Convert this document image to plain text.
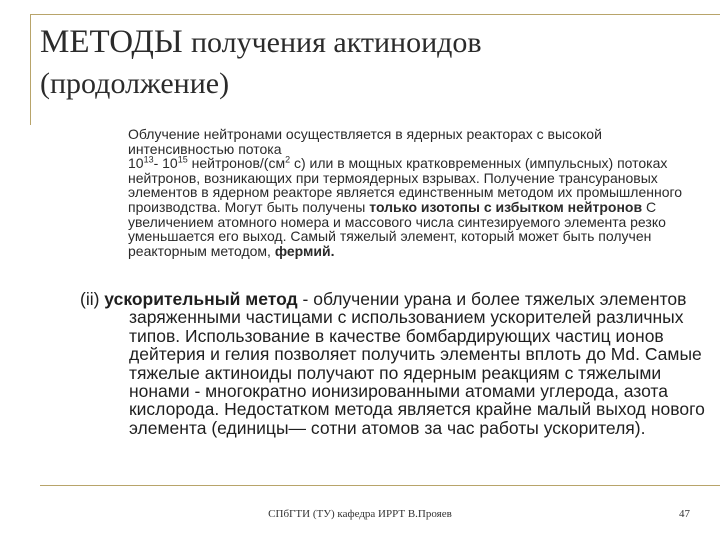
МЕТОДЫ получения актиноидов
(продолжение)
Облучение нейтронами осуществляется в ядерных реакторах с высокой интенсивностью потока
$10^{13}-$ $10^{15}$ нейтронов/($см^2$ с) или в мощных кратковременных (импульсных) потоках нейтронов, возникающих при термоядерных взрывах. Получение трансурановых элементов в ядерном реакторе является единственным методом их промышленного производства. Могут быть получены только изотопы с избытком нейтронов С увеличением атомного номера и массового числа синтезируемого элемента резко уменьшается его выход. Самый тяжелый элемент, который может быть получен реакторным методом, фермий.
(ii) ускорительный метод - облучении урана и более тяжелых элементов заряженными частицами с использованием ускорителей различных типов. Использование в качестве бомбардирующих частиц ионов дейтерия и гелия позволяет получить элементы вплоть до Md. Самые тяжелые актиноиды получают по ядерным реакциям с тяжелыми нонами - многократно ионизированными атомами углерода, азота кислорода. Недостатком метода является крайне малый выход нового элемента (единицы— сотни атомов за час работы ускорителя).
СПбГТИ (ТУ) кафедра ИРРТ В.Прояев	47
